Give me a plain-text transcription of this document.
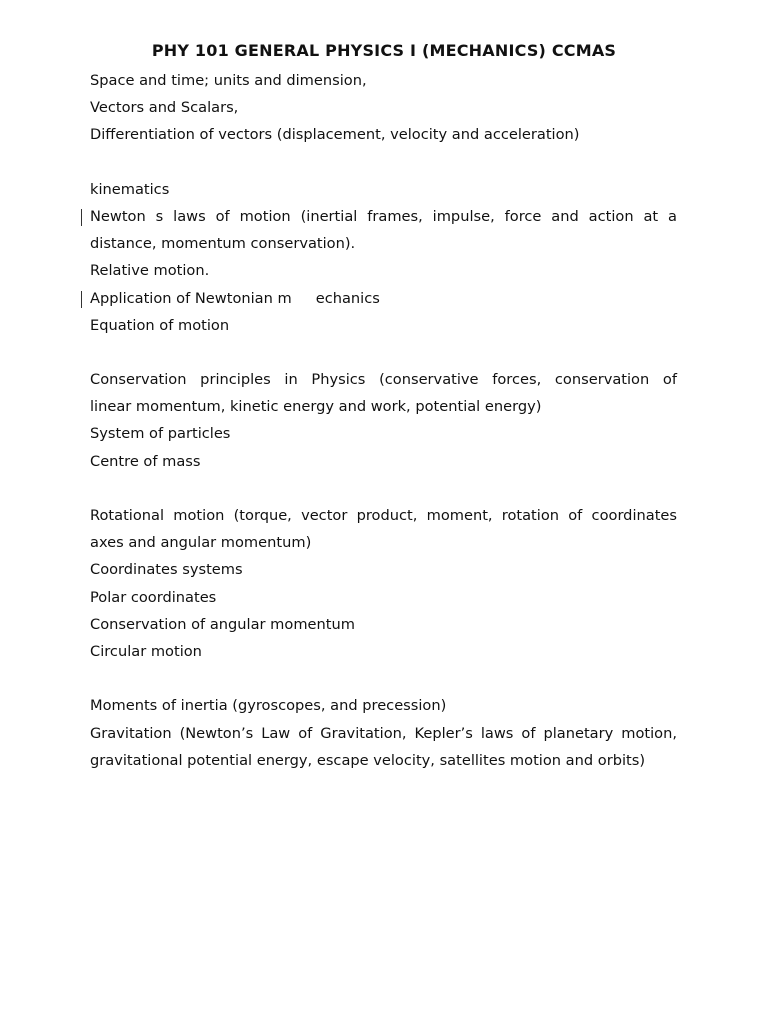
PHY 101 GENERAL PHYSICS I (MECHANICS) CCMAS
Space and time; units and dimension,
Vectors and Scalars,
Differentiation of vectors (displacement, velocity and acceleration)
kinematics
Newton s laws of motion (inertial frames, impulse, force and action at a
distance, momentum conservation).
Relative motion.
Application of Newtonian m echanics
Equation of motion
Conservation principles in Physics (conservative forces, conservation of
linear momentum, kinetic energy and work, potential energy)
System of particles
Centre of mass
Rotational motion (torque, vector product, moment, rotation of coordinates
axes and angular momentum)
Coordinates systems
Polar coordinates
Conservation of angular momentum
Circular motion
Moments of inertia (gyroscopes, and precession)
Gravitation (Newton’s Law of Gravitation, Kepler’s laws of planetary motion,
gravitational potential energy, escape velocity, satellites motion and orbits)
